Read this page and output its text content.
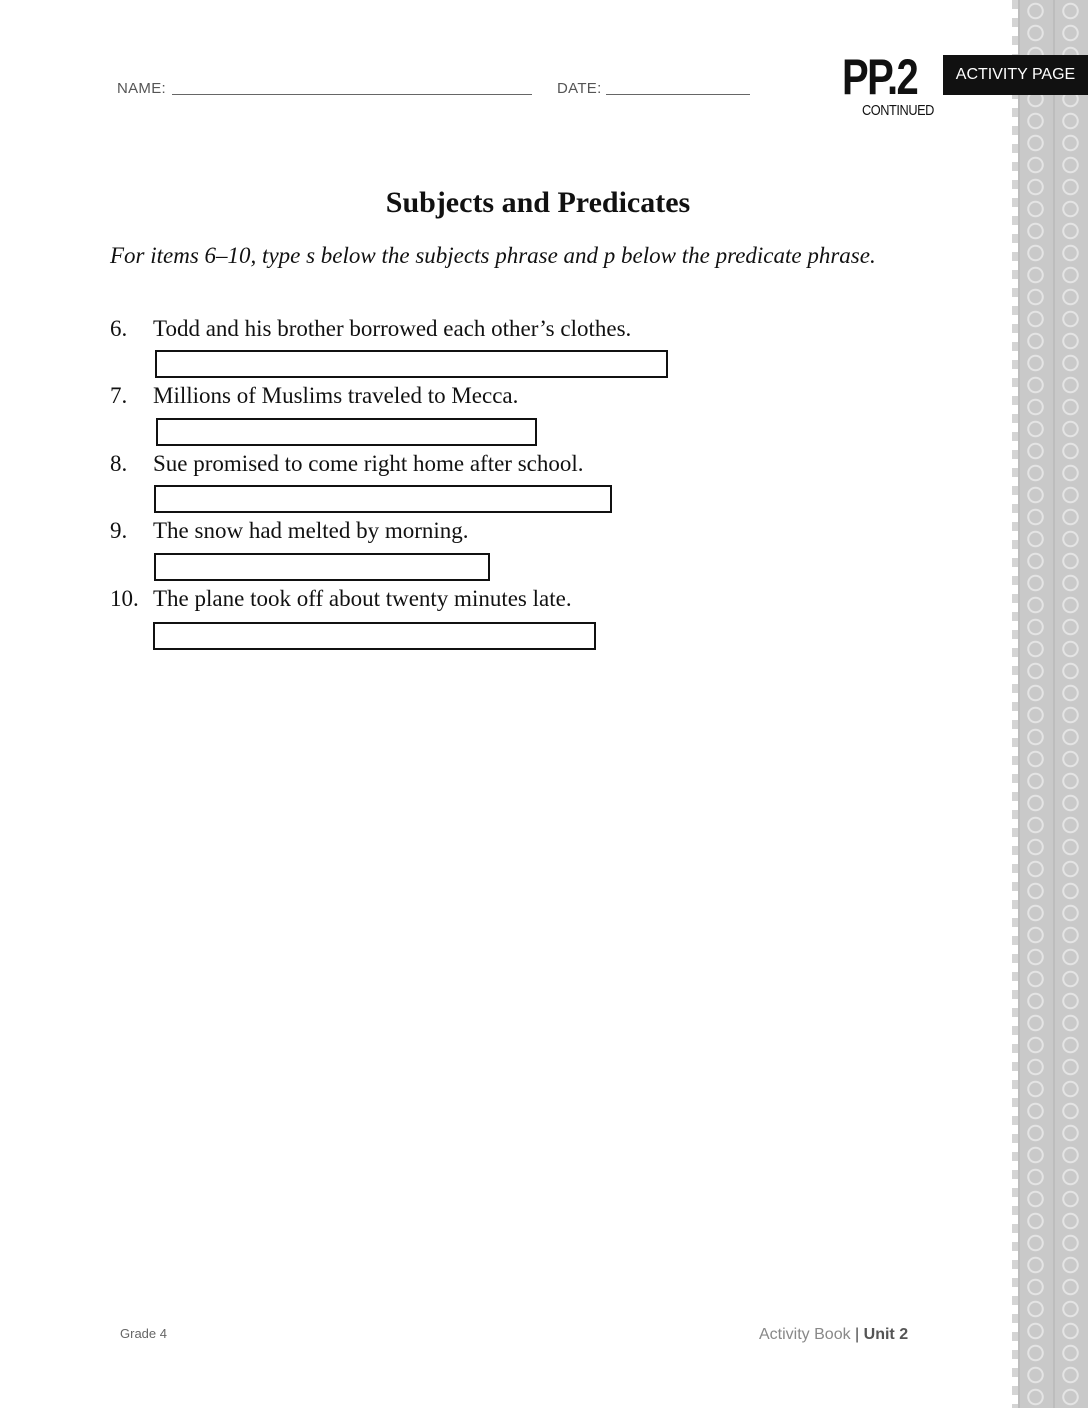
NAME:	DATE:	PP.2
CONTINUED
ACTIVITY PAGE
Subjects and Predicates

For items 6–10, type s below the subjects phrase and p below the predicate phrase.

6. Todd and his brother borrowed each other’s clothes.
7. Millions of Muslims traveled to Mecca.
8. Sue promised to come right home after school.
9. The snow had melted by morning.
10. The plane took off about twenty minutes late.
Grade 4	Activity Book | Unit 2
